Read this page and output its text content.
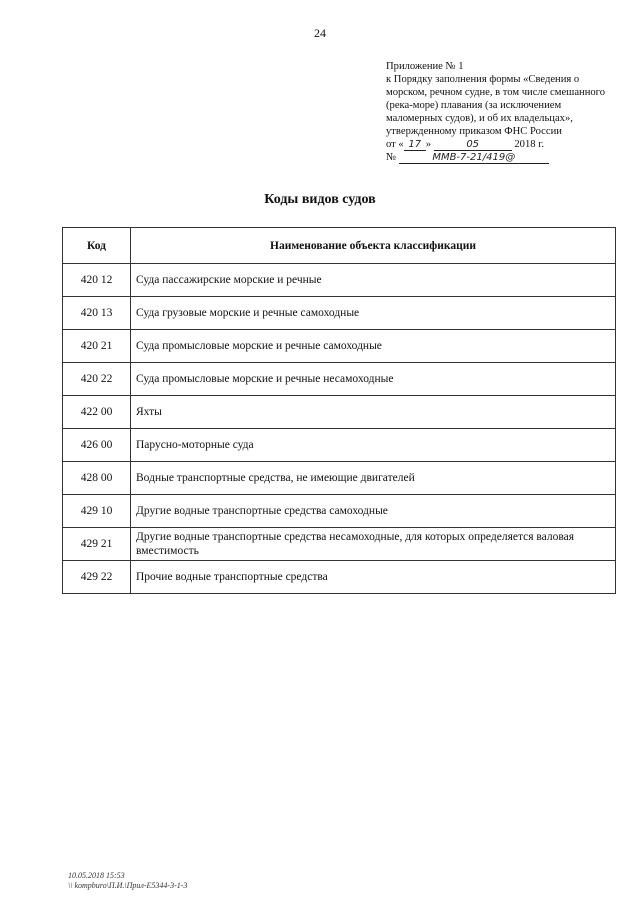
24
Приложение № 1
к Порядку заполнения формы «Сведения о
морском, речном судне, в том числе смешанного
(река-море) плавания (за исключением
маломерных судов), и об их владельцах»,
утвержденному приказом ФНС России
от « 17 »	05	2018 г.
№	ММВ-7-21/419@
Коды видов судов
Код	Наименование объекта классификации
420 12	Суда пассажирские морские и речные
420 13	Суда грузовые морские и речные самоходные
420 21	Суда промысловые морские и речные самоходные
420 22	Суда промысловые морские и речные несамоходные
422 00	Яхты
426 00	Парусно-моторные суда
428 00	Водные транспортные средства, не имеющие двигателей
429 10	Другие водные транспортные средства самоходные
429 21	Другие водные транспортные средства несамоходные, для которых определяется валовая вместимость
429 22	Прочие водные транспортные средства
10.05.2018 15:53
\\ kompburo\П.И.\Прил-Е5344-3-1-3
